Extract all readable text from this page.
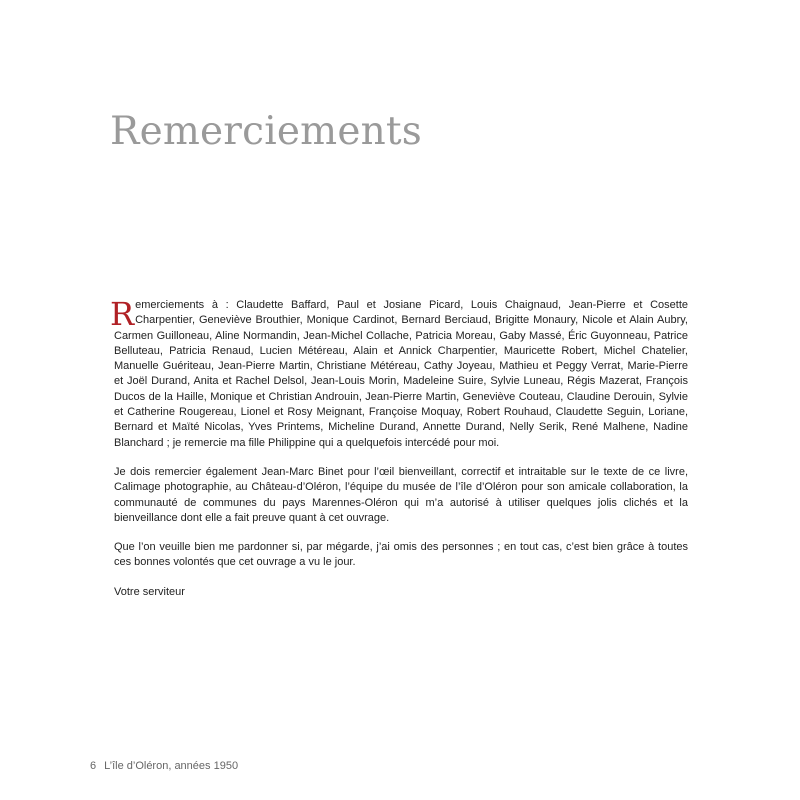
Remerciements

Remerciements à : Claudette Baffard, Paul et Josiane Picard, Louis Chaignaud, Jean-Pierre et Cosette Charpentier, Geneviève Brouthier, Monique Cardinot, Bernard Berciaud, Brigitte Monaury, Nicole et Alain Aubry, Carmen Guilloneau, Aline Normandin, Jean-Michel Collache, Patricia Moreau, Gaby Massé, Éric Guyonneau, Patrice Belluteau, Patricia Renaud, Lucien Météreau, Alain et Annick Charpentier, Mauricette Robert, Michel Chatelier, Manuelle Guériteau, Jean-Pierre Martin, Christiane Météreau, Cathy Joyeau, Mathieu et Peggy Verrat, Marie-Pierre et Joël Durand, Anita et Rachel Delsol, Jean-Louis Morin, Madeleine Suire, Sylvie Luneau, Régis Mazerat, François Ducos de la Haille, Monique et Christian Androuin, Jean-Pierre Martin, Geneviève Couteau, Claudine Derouin, Sylvie et Catherine Rougereau, Lionel et Rosy Meignant, Françoise Moquay, Robert Rouhaud, Claudette Seguin, Loriane, Bernard et Maïté Nicolas, Yves Printems, Micheline Durand, Annette Durand, Nelly Serik, René Malhene, Nadine Blanchard ; je remercie ma fille Philippine qui a quelquefois intercédé pour moi.

Je dois remercier également Jean-Marc Binet pour l’œil bienveillant, correctif et intraitable sur le texte de ce livre, Calimage photographie, au Château-d’Oléron, l’équipe du musée de l’île d’Oléron pour son amicale collaboration, la communauté de communes du pays Marennes-Oléron qui m’a autorisé à utiliser quelques jolis clichés et la bienveillance dont elle a fait preuve quant à cet ouvrage.

Que l’on veuille bien me pardonner si, par mégarde, j’ai omis des personnes ; en tout cas, c’est bien grâce à toutes ces bonnes volontés que cet ouvrage a vu le jour.

Votre serviteur

6 L’île d’Oléron, années 1950
